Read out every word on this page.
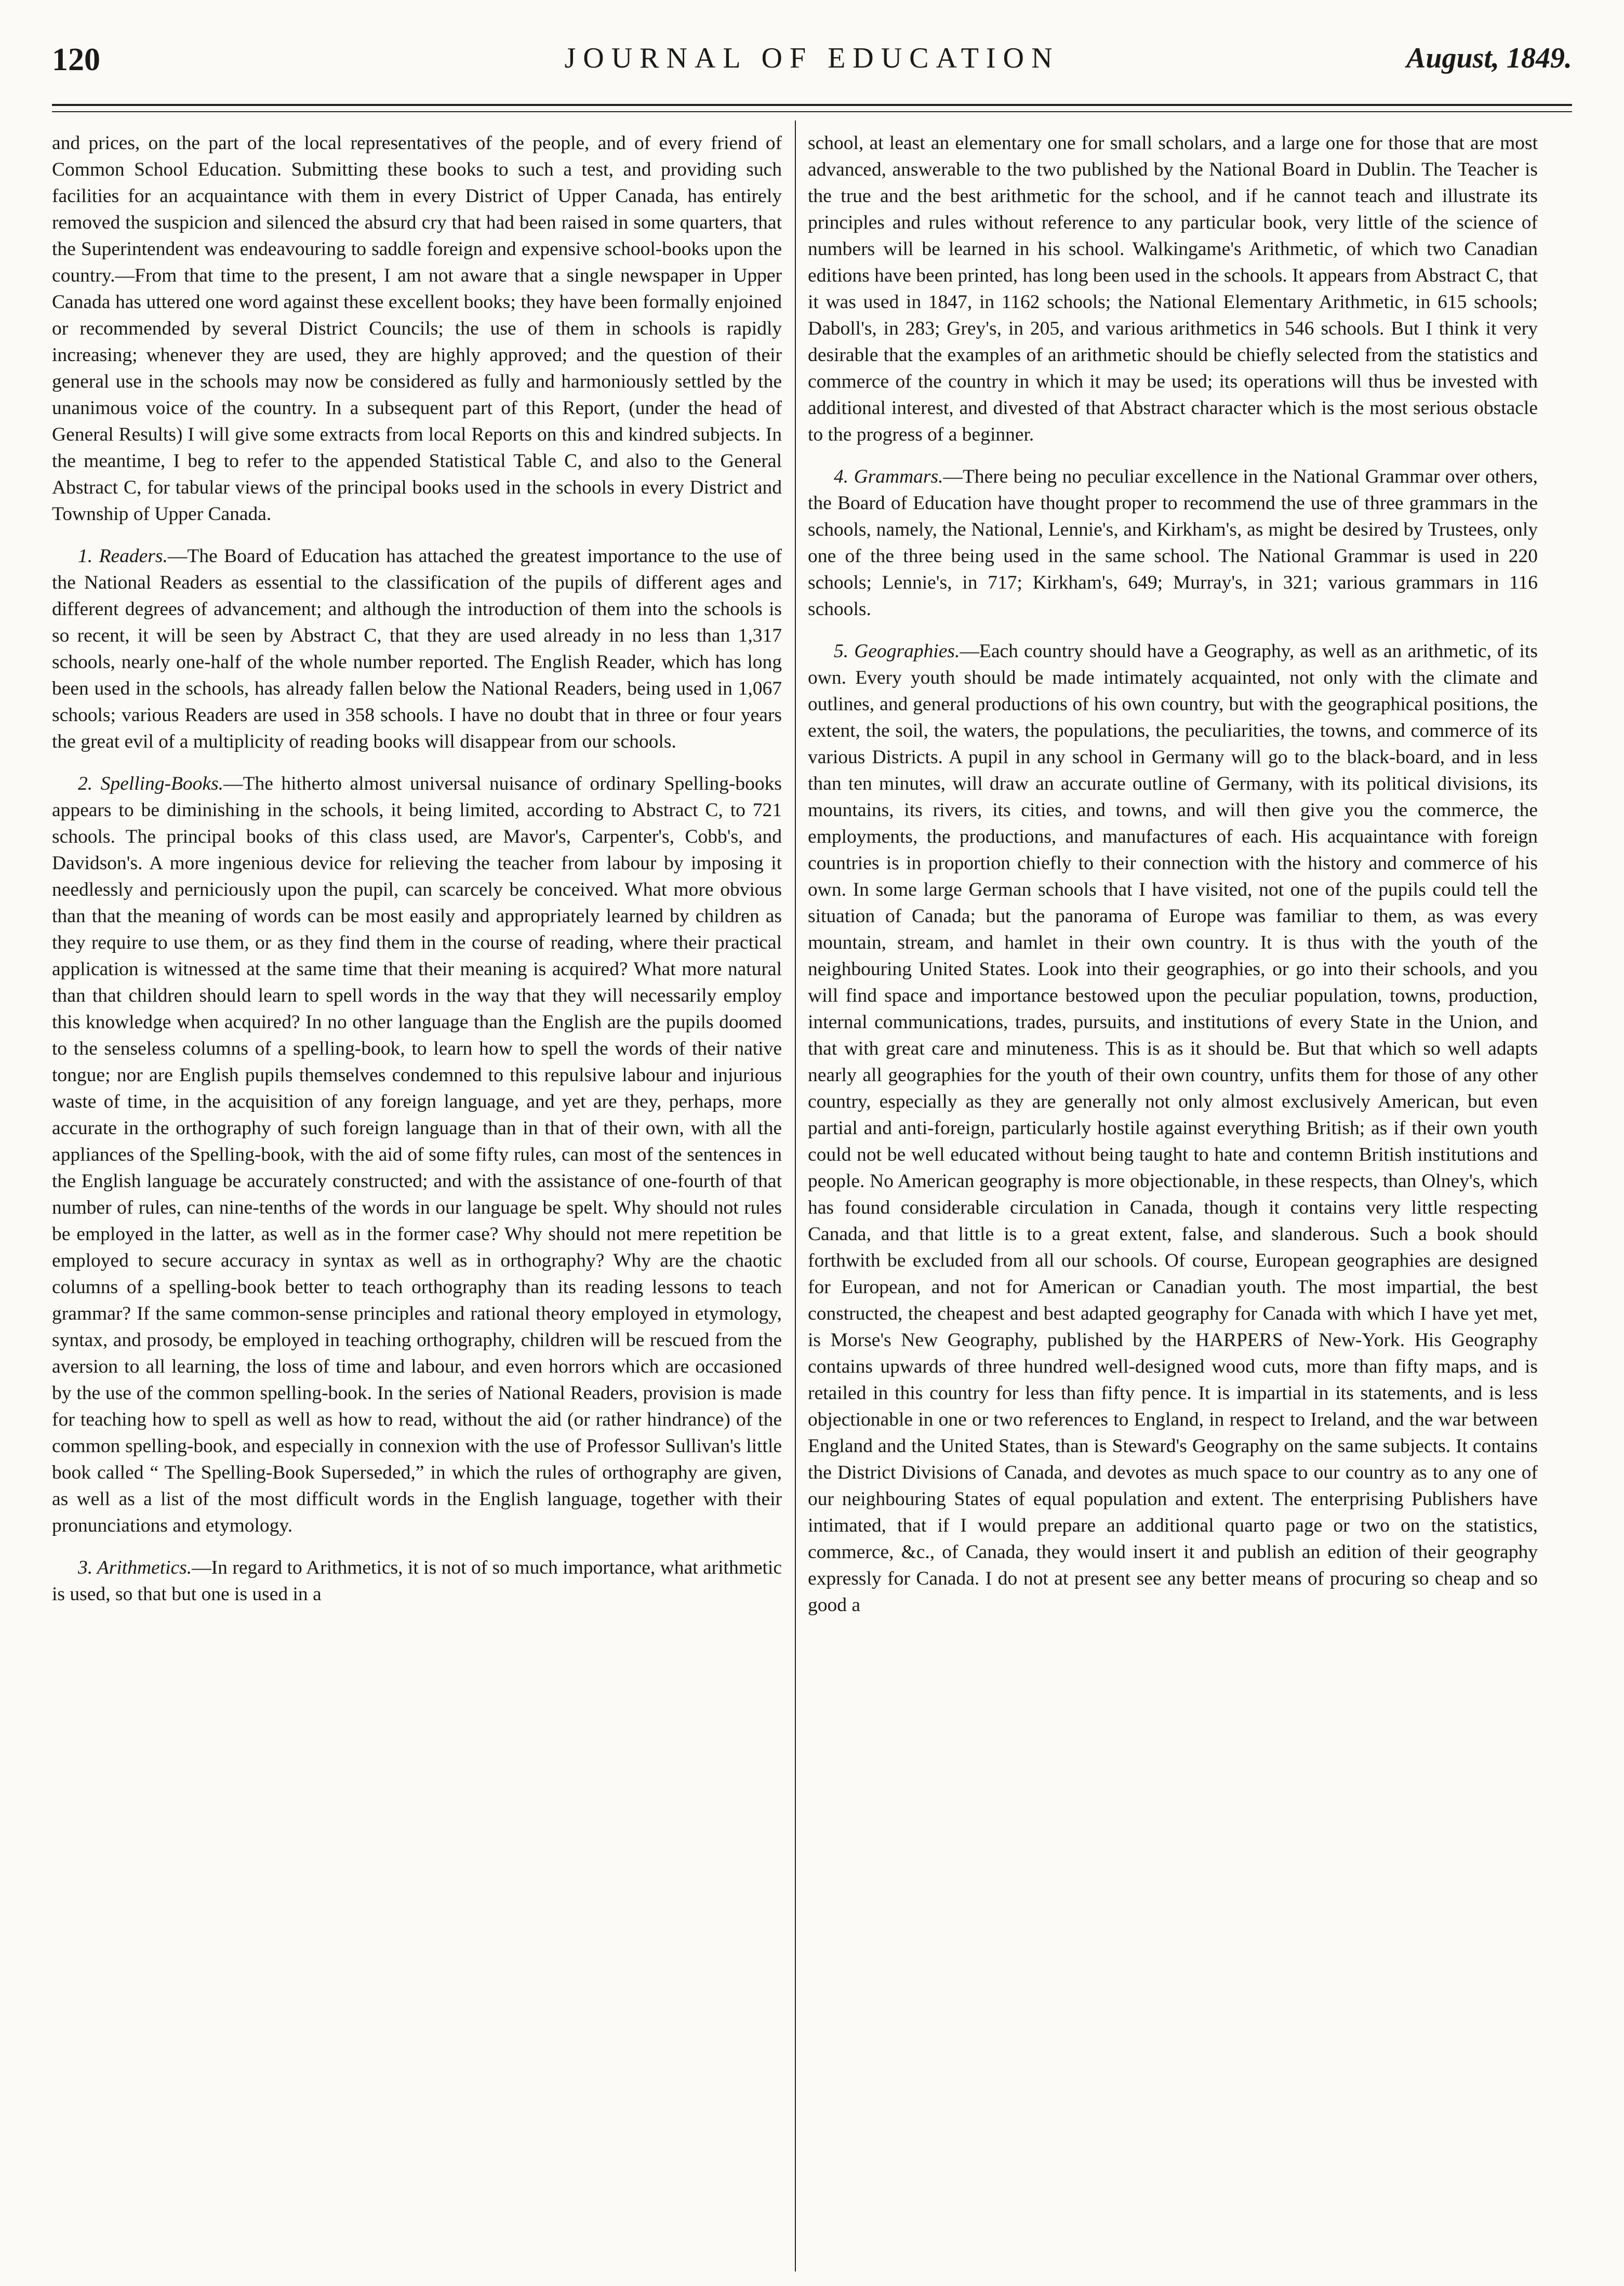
120	JOURNAL OF EDUCATION	August, 1849.

and prices, on the part of the local representatives of the people, and of every friend of Common School Education. Submitting these books to such a test, and providing such facilities for an acquaintance with them in every District of Upper Canada, has entirely removed the suspicion and silenced the absurd cry that had been raised in some quarters, that the Superintendent was endeavouring to saddle foreign and expensive school-books upon the country.—From that time to the present, I am not aware that a single newspaper in Upper Canada has uttered one word against these excellent books; they have been formally enjoined or recommended by several District Councils; the use of them in schools is rapidly increasing; whenever they are used, they are highly approved; and the question of their general use in the schools may now be considered as fully and harmoniously settled by the unanimous voice of the country. In a subsequent part of this Report, (under the head of General Results) I will give some extracts from local Reports on this and kindred subjects. In the meantime, I beg to refer to the appended Statistical Table C, and also to the General Abstract C, for tabular views of the principal books used in the schools in every District and Township of Upper Canada.

1. Readers.—The Board of Education has attached the greatest importance to the use of the National Readers as essential to the classification of the pupils of different ages and different degrees of advancement; and although the introduction of them into the schools is so recent, it will be seen by Abstract C, that they are used already in no less than 1,317 schools, nearly one-half of the whole number reported. The English Reader, which has long been used in the schools, has already fallen below the National Readers, being used in 1,067 schools; various Readers are used in 358 schools. I have no doubt that in three or four years the great evil of a multiplicity of reading books will disappear from our schools.

2. Spelling-Books.—The hitherto almost universal nuisance of ordinary Spelling-books appears to be diminishing in the schools, it being limited, according to Abstract C, to 721 schools. The principal books of this class used, are Mavor's, Carpenter's, Cobb's, and Davidson's. A more ingenious device for relieving the teacher from labour by imposing it needlessly and perniciously upon the pupil, can scarcely be conceived. What more obvious than that the meaning of words can be most easily and appropriately learned by children as they require to use them, or as they find them in the course of reading, where their practical application is witnessed at the same time that their meaning is acquired? What more natural than that children should learn to spell words in the way that they will necessarily employ this knowledge when acquired? In no other language than the English are the pupils doomed to the senseless columns of a spelling-book, to learn how to spell the words of their native tongue; nor are English pupils themselves condemned to this repulsive labour and injurious waste of time, in the acquisition of any foreign language, and yet are they, perhaps, more accurate in the orthography of such foreign language than in that of their own, with all the appliances of the Spelling-book, with the aid of some fifty rules, can most of the sentences in the English language be accurately constructed; and with the assistance of one-fourth of that number of rules, can nine-tenths of the words in our language be spelt. Why should not rules be employed in the latter, as well as in the former case? Why should not mere repetition be employed to secure accuracy in syntax as well as in orthography? Why are the chaotic columns of a spelling-book better to teach orthography than its reading lessons to teach grammar? If the same common-sense principles and rational theory employed in etymology, syntax, and prosody, be employed in teaching orthography, children will be rescued from the aversion to all learning, the loss of time and labour, and even horrors which are occasioned by the use of the common spelling-book. In the series of National Readers, provision is made for teaching how to spell as well as how to read, without the aid (or rather hindrance) of the common spelling-book, and especially in connexion with the use of Professor Sullivan's little book called “ The Spelling-Book Superseded,” in which the rules of orthography are given, as well as a list of the most difficult words in the English language, together with their pronunciations and etymology.

3. Arithmetics.—In regard to Arithmetics, it is not of so much importance, what arithmetic is used, so that but one is used in a

school, at least an elementary one for small scholars, and a large one for those that are most advanced, answerable to the two published by the National Board in Dublin. The Teacher is the true and the best arithmetic for the school, and if he cannot teach and illustrate its principles and rules without reference to any particular book, very little of the science of numbers will be learned in his school. Walkingame's Arithmetic, of which two Canadian editions have been printed, has long been used in the schools. It appears from Abstract C, that it was used in 1847, in 1162 schools; the National Elementary Arithmetic, in 615 schools; Daboll's, in 283; Grey's, in 205, and various arithmetics in 546 schools. But I think it very desirable that the examples of an arithmetic should be chiefly selected from the statistics and commerce of the country in which it may be used; its operations will thus be invested with additional interest, and divested of that Abstract character which is the most serious obstacle to the progress of a beginner.

4. Grammars.—There being no peculiar excellence in the National Grammar over others, the Board of Education have thought proper to recommend the use of three grammars in the schools, namely, the National, Lennie's, and Kirkham's, as might be desired by Trustees, only one of the three being used in the same school. The National Grammar is used in 220 schools; Lennie's, in 717; Kirkham's, 649; Murray's, in 321; various grammars in 116 schools.

5. Geographies.—Each country should have a Geography, as well as an arithmetic, of its own. Every youth should be made intimately acquainted, not only with the climate and outlines, and general productions of his own country, but with the geographical positions, the extent, the soil, the waters, the populations, the peculiarities, the towns, and commerce of its various Districts. A pupil in any school in Germany will go to the black-board, and in less than ten minutes, will draw an accurate outline of Germany, with its political divisions, its mountains, its rivers, its cities, and towns, and will then give you the commerce, the employments, the productions, and manufactures of each. His acquaintance with foreign countries is in proportion chiefly to their connection with the history and commerce of his own. In some large German schools that I have visited, not one of the pupils could tell the situation of Canada; but the panorama of Europe was familiar to them, as was every mountain, stream, and hamlet in their own country. It is thus with the youth of the neighbouring United States. Look into their geographies, or go into their schools, and you will find space and importance bestowed upon the peculiar population, towns, production, internal communications, trades, pursuits, and institutions of every State in the Union, and that with great care and minuteness. This is as it should be. But that which so well adapts nearly all geographies for the youth of their own country, unfits them for those of any other country, especially as they are generally not only almost exclusively American, but even partial and anti-foreign, particularly hostile against everything British; as if their own youth could not be well educated without being taught to hate and contemn British institutions and people. No American geography is more objectionable, in these respects, than Olney's, which has found considerable circulation in Canada, though it contains very little respecting Canada, and that little is to a great extent, false, and slanderous. Such a book should forthwith be excluded from all our schools. Of course, European geographies are designed for European, and not for American or Canadian youth. The most impartial, the best constructed, the cheapest and best adapted geography for Canada with which I have yet met, is Morse's New Geography, published by the HARPERS of New-York. His Geography contains upwards of three hundred well-designed wood cuts, more than fifty maps, and is retailed in this country for less than fifty pence. It is impartial in its statements, and is less objectionable in one or two references to England, in respect to Ireland, and the war between England and the United States, than is Steward's Geography on the same subjects. It contains the District Divisions of Canada, and devotes as much space to our country as to any one of our neighbouring States of equal population and extent. The enterprising Publishers have intimated, that if I would prepare an additional quarto page or two on the statistics, commerce, &c., of Canada, they would insert it and publish an edition of their geography expressly for Canada. I do not at present see any better means of procuring so cheap and so good a
